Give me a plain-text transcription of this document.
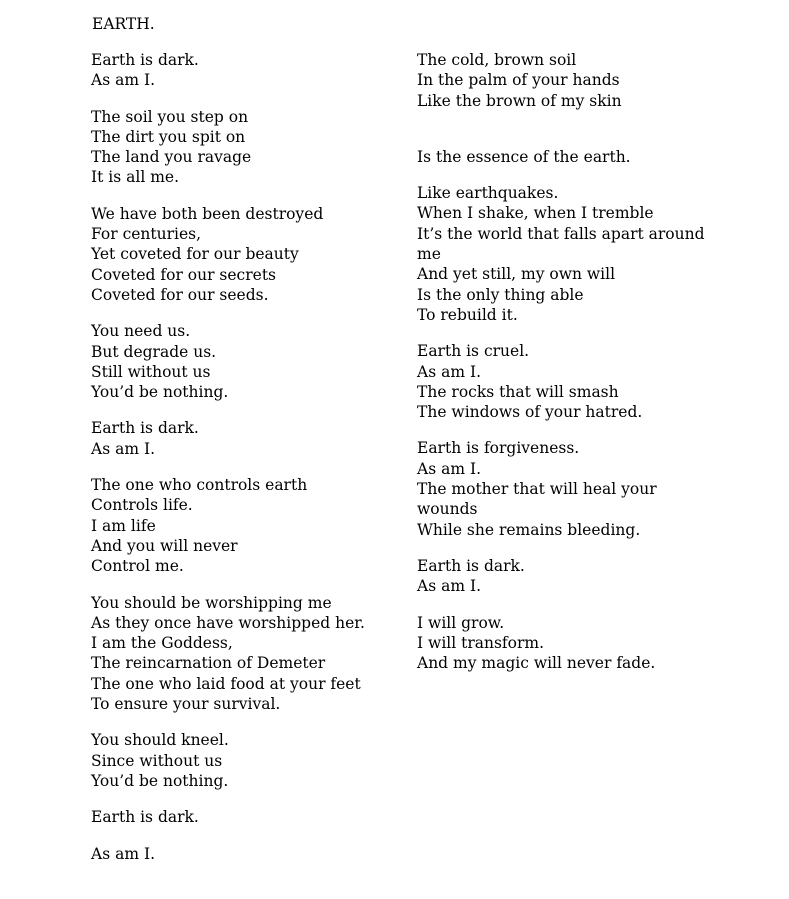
EARTH.
Earth is dark.
As am I.
The soil you step on
The dirt you spit on
The land you ravage
It is all me.
We have both been destroyed
For centuries,
Yet coveted for our beauty
Coveted for our secrets
Coveted for our seeds.
You need us.
But degrade us.
Still without us
You’d be nothing.
Earth is dark.
As am I.
The one who controls earth
Controls life.
I am life
And you will never
Control me.
You should be worshipping me
As they once have worshipped her.
I am the Goddess,
The reincarnation of Demeter
The one who laid food at your feet
To ensure your survival.
You should kneel.
Since without us
You’d be nothing.
Earth is dark.
As am I.
The cold, brown soil
In the palm of your hands
Like the brown of my skin
Is the essence of the earth.
Like earthquakes.
When I shake, when I tremble
It’s the world that falls apart around
me
And yet still, my own will
Is the only thing able
To rebuild it.
Earth is cruel.
As am I.
The rocks that will smash
The windows of your hatred.
Earth is forgiveness.
As am I.
The mother that will heal your
wounds
While she remains bleeding.
Earth is dark.
As am I.
I will grow.
I will transform.
And my magic will never fade.
